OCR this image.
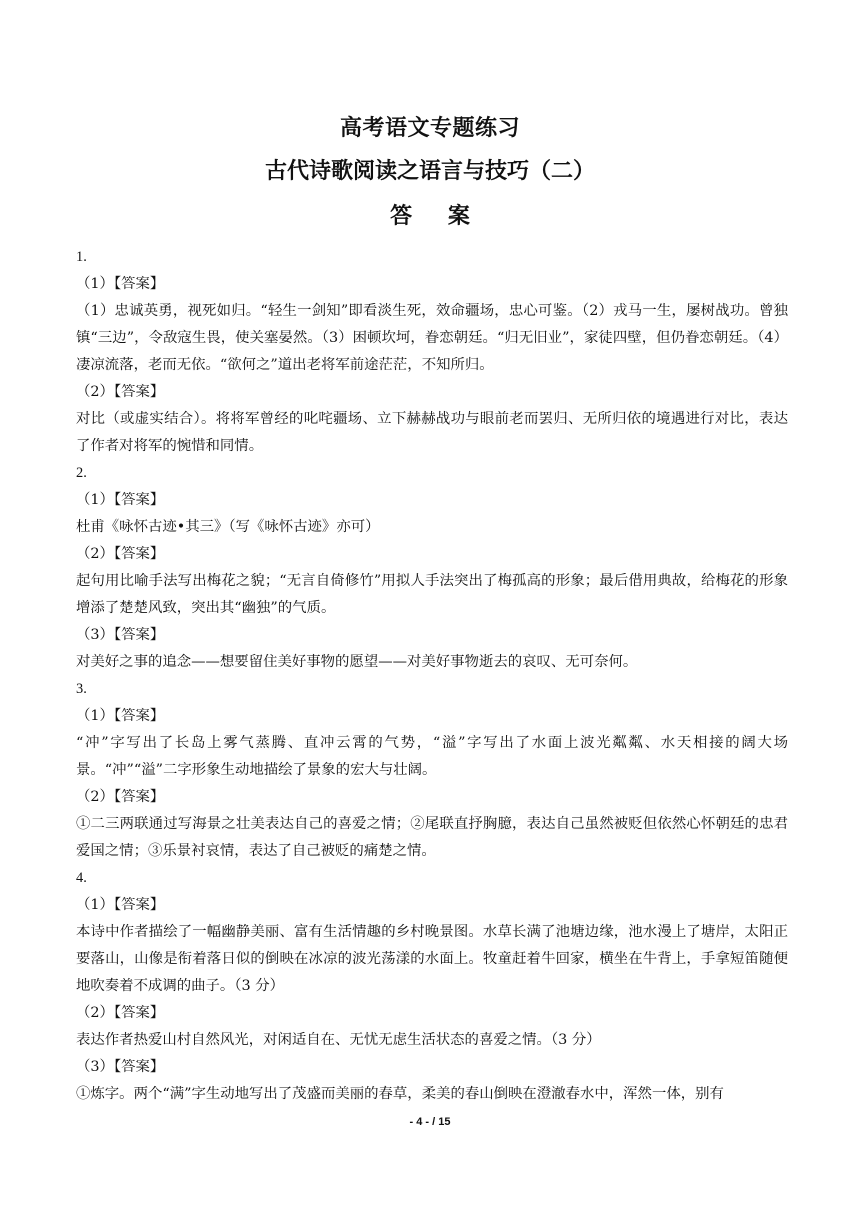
高考语文专题练习
古代诗歌阅读之语言与技巧（二）
答 案

1.

（1）【答案】

（1）忠诚英勇，视死如归。“轻生一剑知”即看淡生死，效命疆场，忠心可鉴。（2）戎马一生，屡树战功。曾独镇“三边”，令敌寇生畏，使关塞晏然。（3）困顿坎坷，眷恋朝廷。“归无旧业”，家徒四壁，但仍眷恋朝廷。（4）凄凉流落，老而无依。“欲何之”道出老将军前途茫茫，不知所归。

（2）【答案】

对比（或虚实结合）。将将军曾经的叱咤疆场、立下赫赫战功与眼前老而罢归、无所归依的境遇进行对比，表达了作者对将军的惋惜和同情。

2.

（1）【答案】

杜甫《咏怀古迹•其三》（写《咏怀古迹》亦可）

（2）【答案】

起句用比喻手法写出梅花之貌；“无言自倚修竹”用拟人手法突出了梅孤高的形象；最后借用典故，给梅花的形象增添了楚楚风致，突出其“幽独”的气质。

（3）【答案】

对美好之事的追念——想要留住美好事物的愿望——对美好事物逝去的哀叹、无可奈何。

3.

（1）【答案】

“冲”字写出了长岛上雾气蒸腾、直冲云霄的气势，“溢”字写出了水面上波光粼粼、水天相接的阔大场景。“冲”“溢”二字形象生动地描绘了景象的宏大与壮阔。

（2）【答案】

①二三两联通过写海景之壮美表达自己的喜爱之情；②尾联直抒胸臆，表达自己虽然被贬但依然心怀朝廷的忠君爱国之情；③乐景衬哀情，表达了自己被贬的痛楚之情。

4.

（1）【答案】

本诗中作者描绘了一幅幽静美丽、富有生活情趣的乡村晚景图。水草长满了池塘边缘，池水漫上了塘岸，太阳正要落山，山像是衔着落日似的倒映在冰凉的波光荡漾的水面上。牧童赶着牛回家，横坐在牛背上，手拿短笛随便地吹奏着不成调的曲子。（3 分）

（2）【答案】

表达作者热爱山村自然风光，对闲适自在、无忧无虑生活状态的喜爱之情。（3 分）

（3）【答案】

①炼字。两个“满”字生动地写出了茂盛而美丽的春草，柔美的春山倒映在澄澈春水中，浑然一体，别有

- 4 - / 15
